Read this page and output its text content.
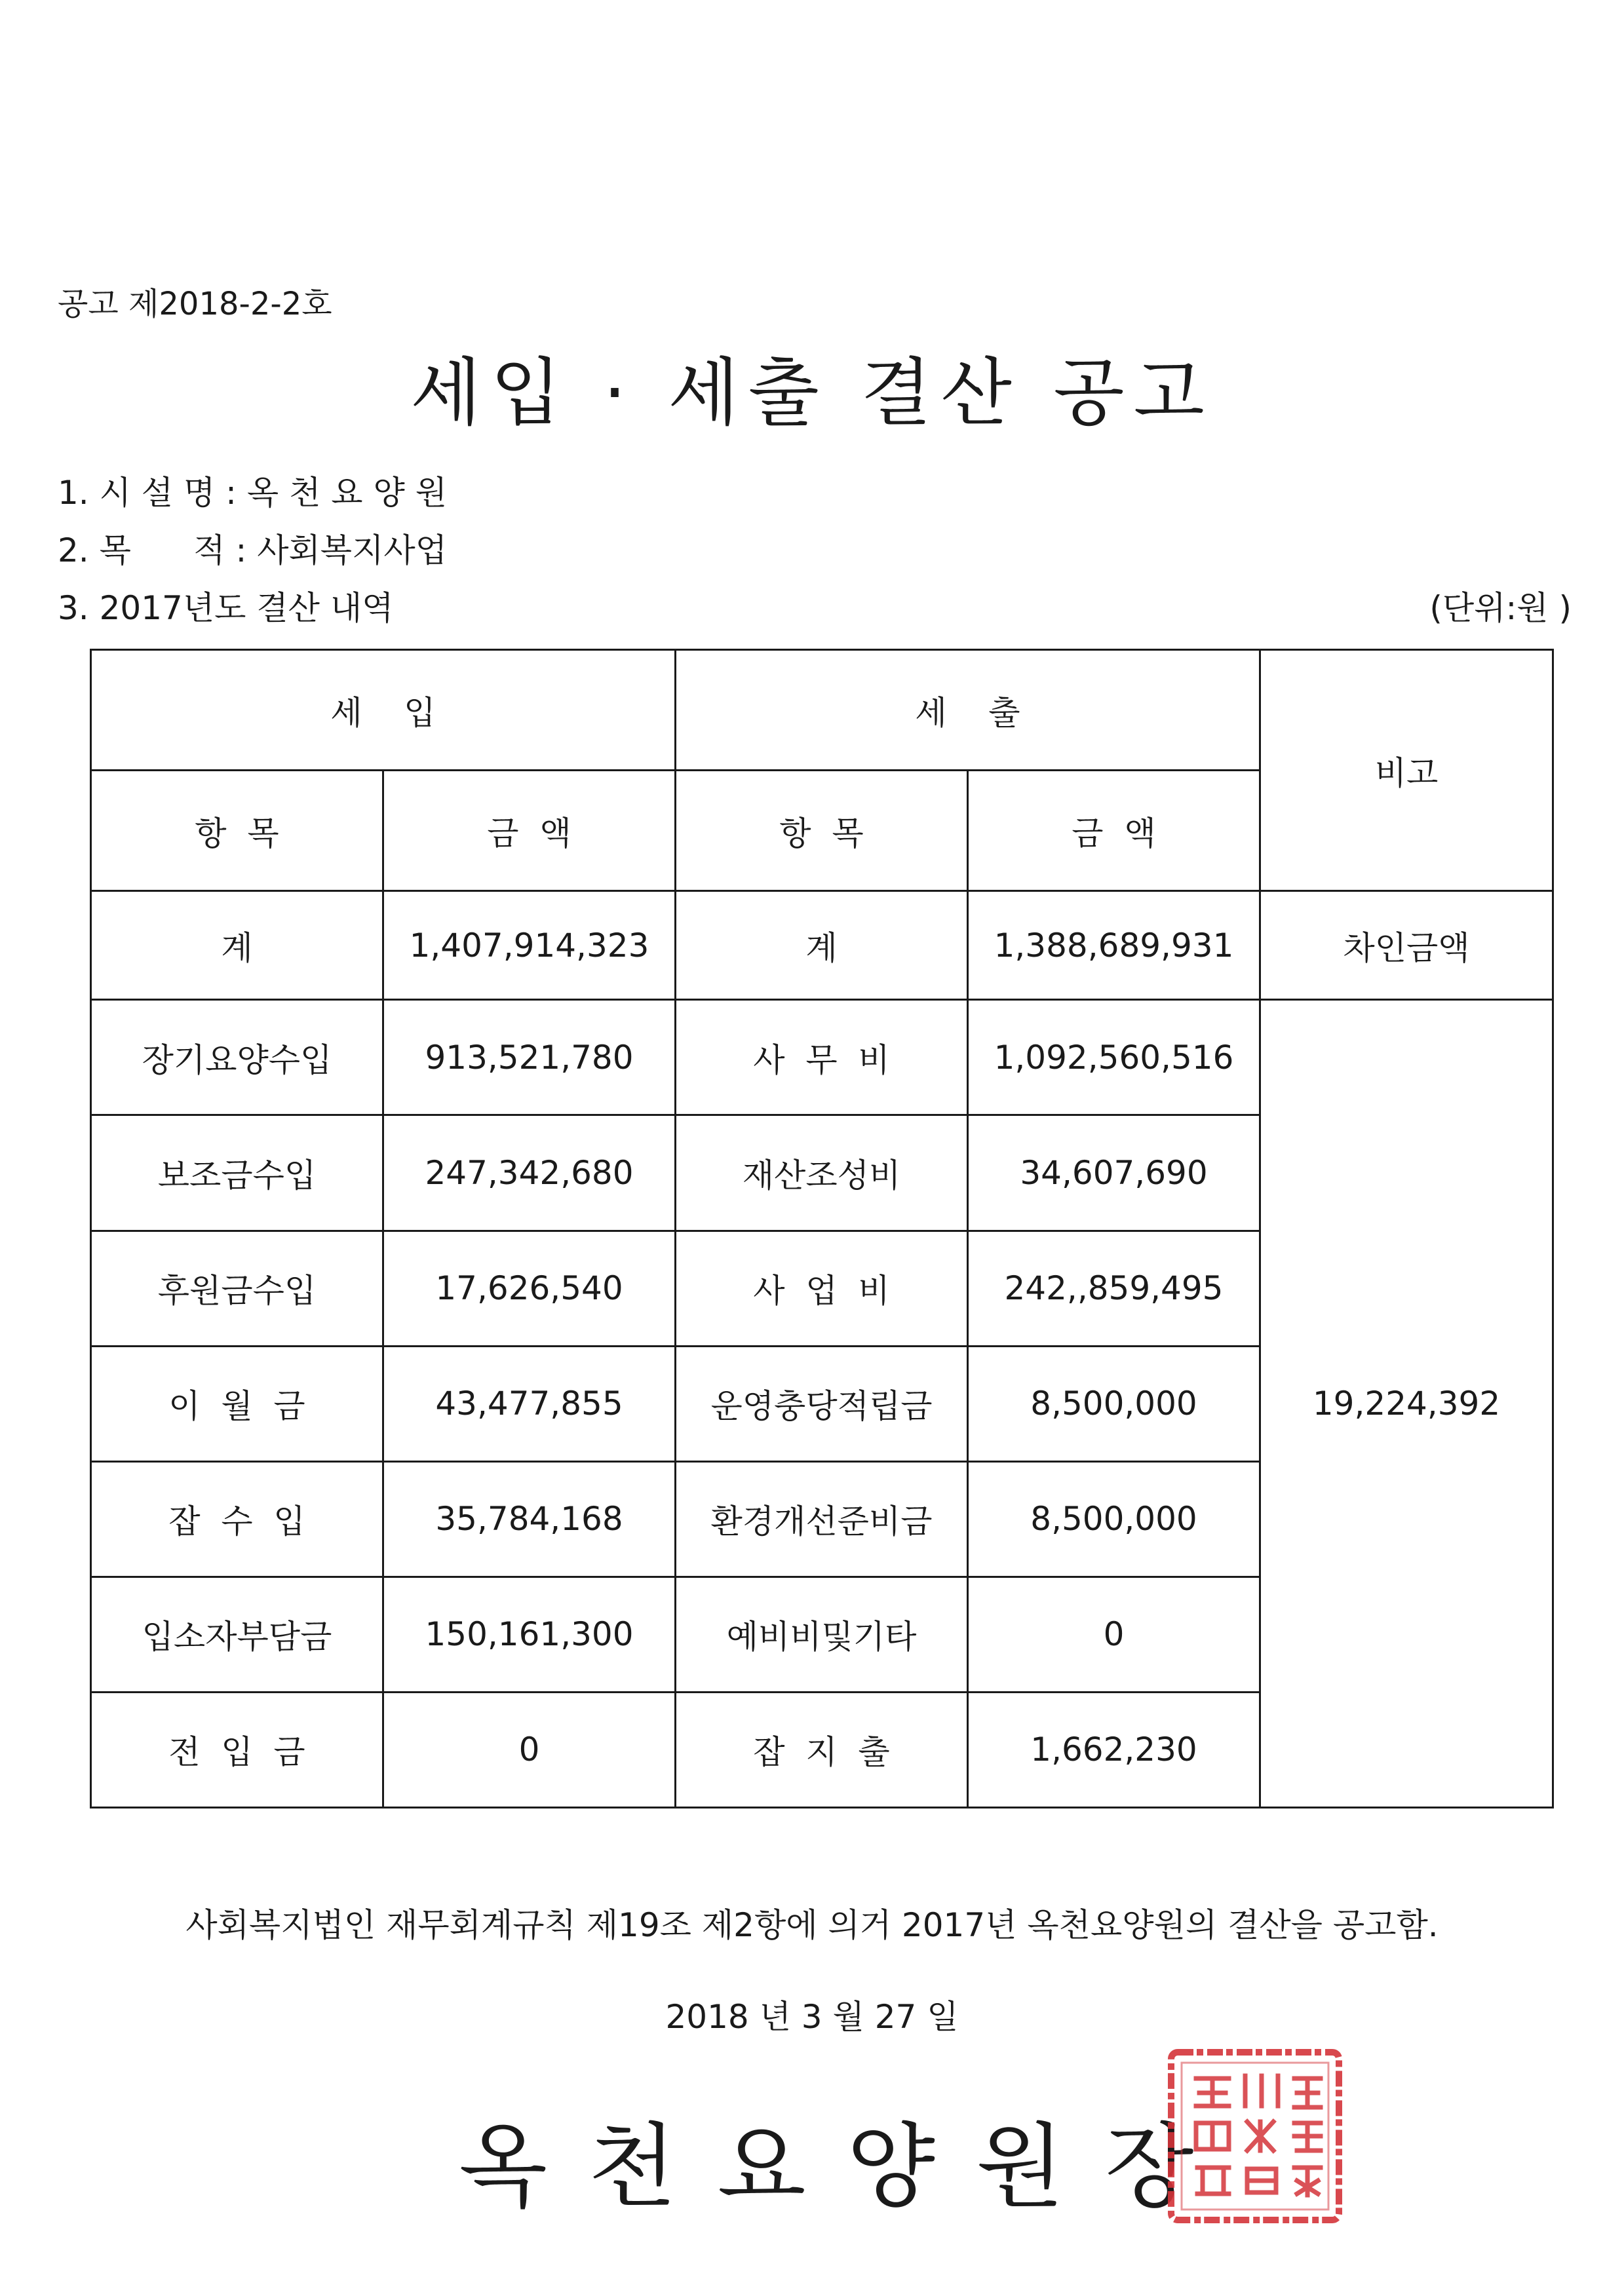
공고 제2018-2-2호
세입 · 세출 결산 공고
1. 시 설 명 : 옥 천 요 양 원
2. 목      적 : 사회복지사업
3. 2017년도 결산 내역	(단위:원 )
세    입		세    출		비고
항  목	금  액	항  목	금  액	
계	1,407,914,323	계	1,388,689,931	차인금액
장기요양수입	913,521,780	사  무  비	1,092,560,516	19,224,392
보조금수입	247,342,680	재산조성비	34,607,690	
후원금수입	17,626,540	사  업  비	242,,859,495	
이  월  금	43,477,855	운영충당적립금	8,500,000	
잡  수  입	35,784,168	환경개선준비금	8,500,000	
입소자부담금	150,161,300	예비비및기타	0	
전  입  금	0	잡  지  출	1,662,230	
사회복지법인 재무회계규칙 제19조 제2항에 의거 2017년 옥천요양원의 결산을 공고함.
2018 년 3 월 27 일
옥천요양원장
